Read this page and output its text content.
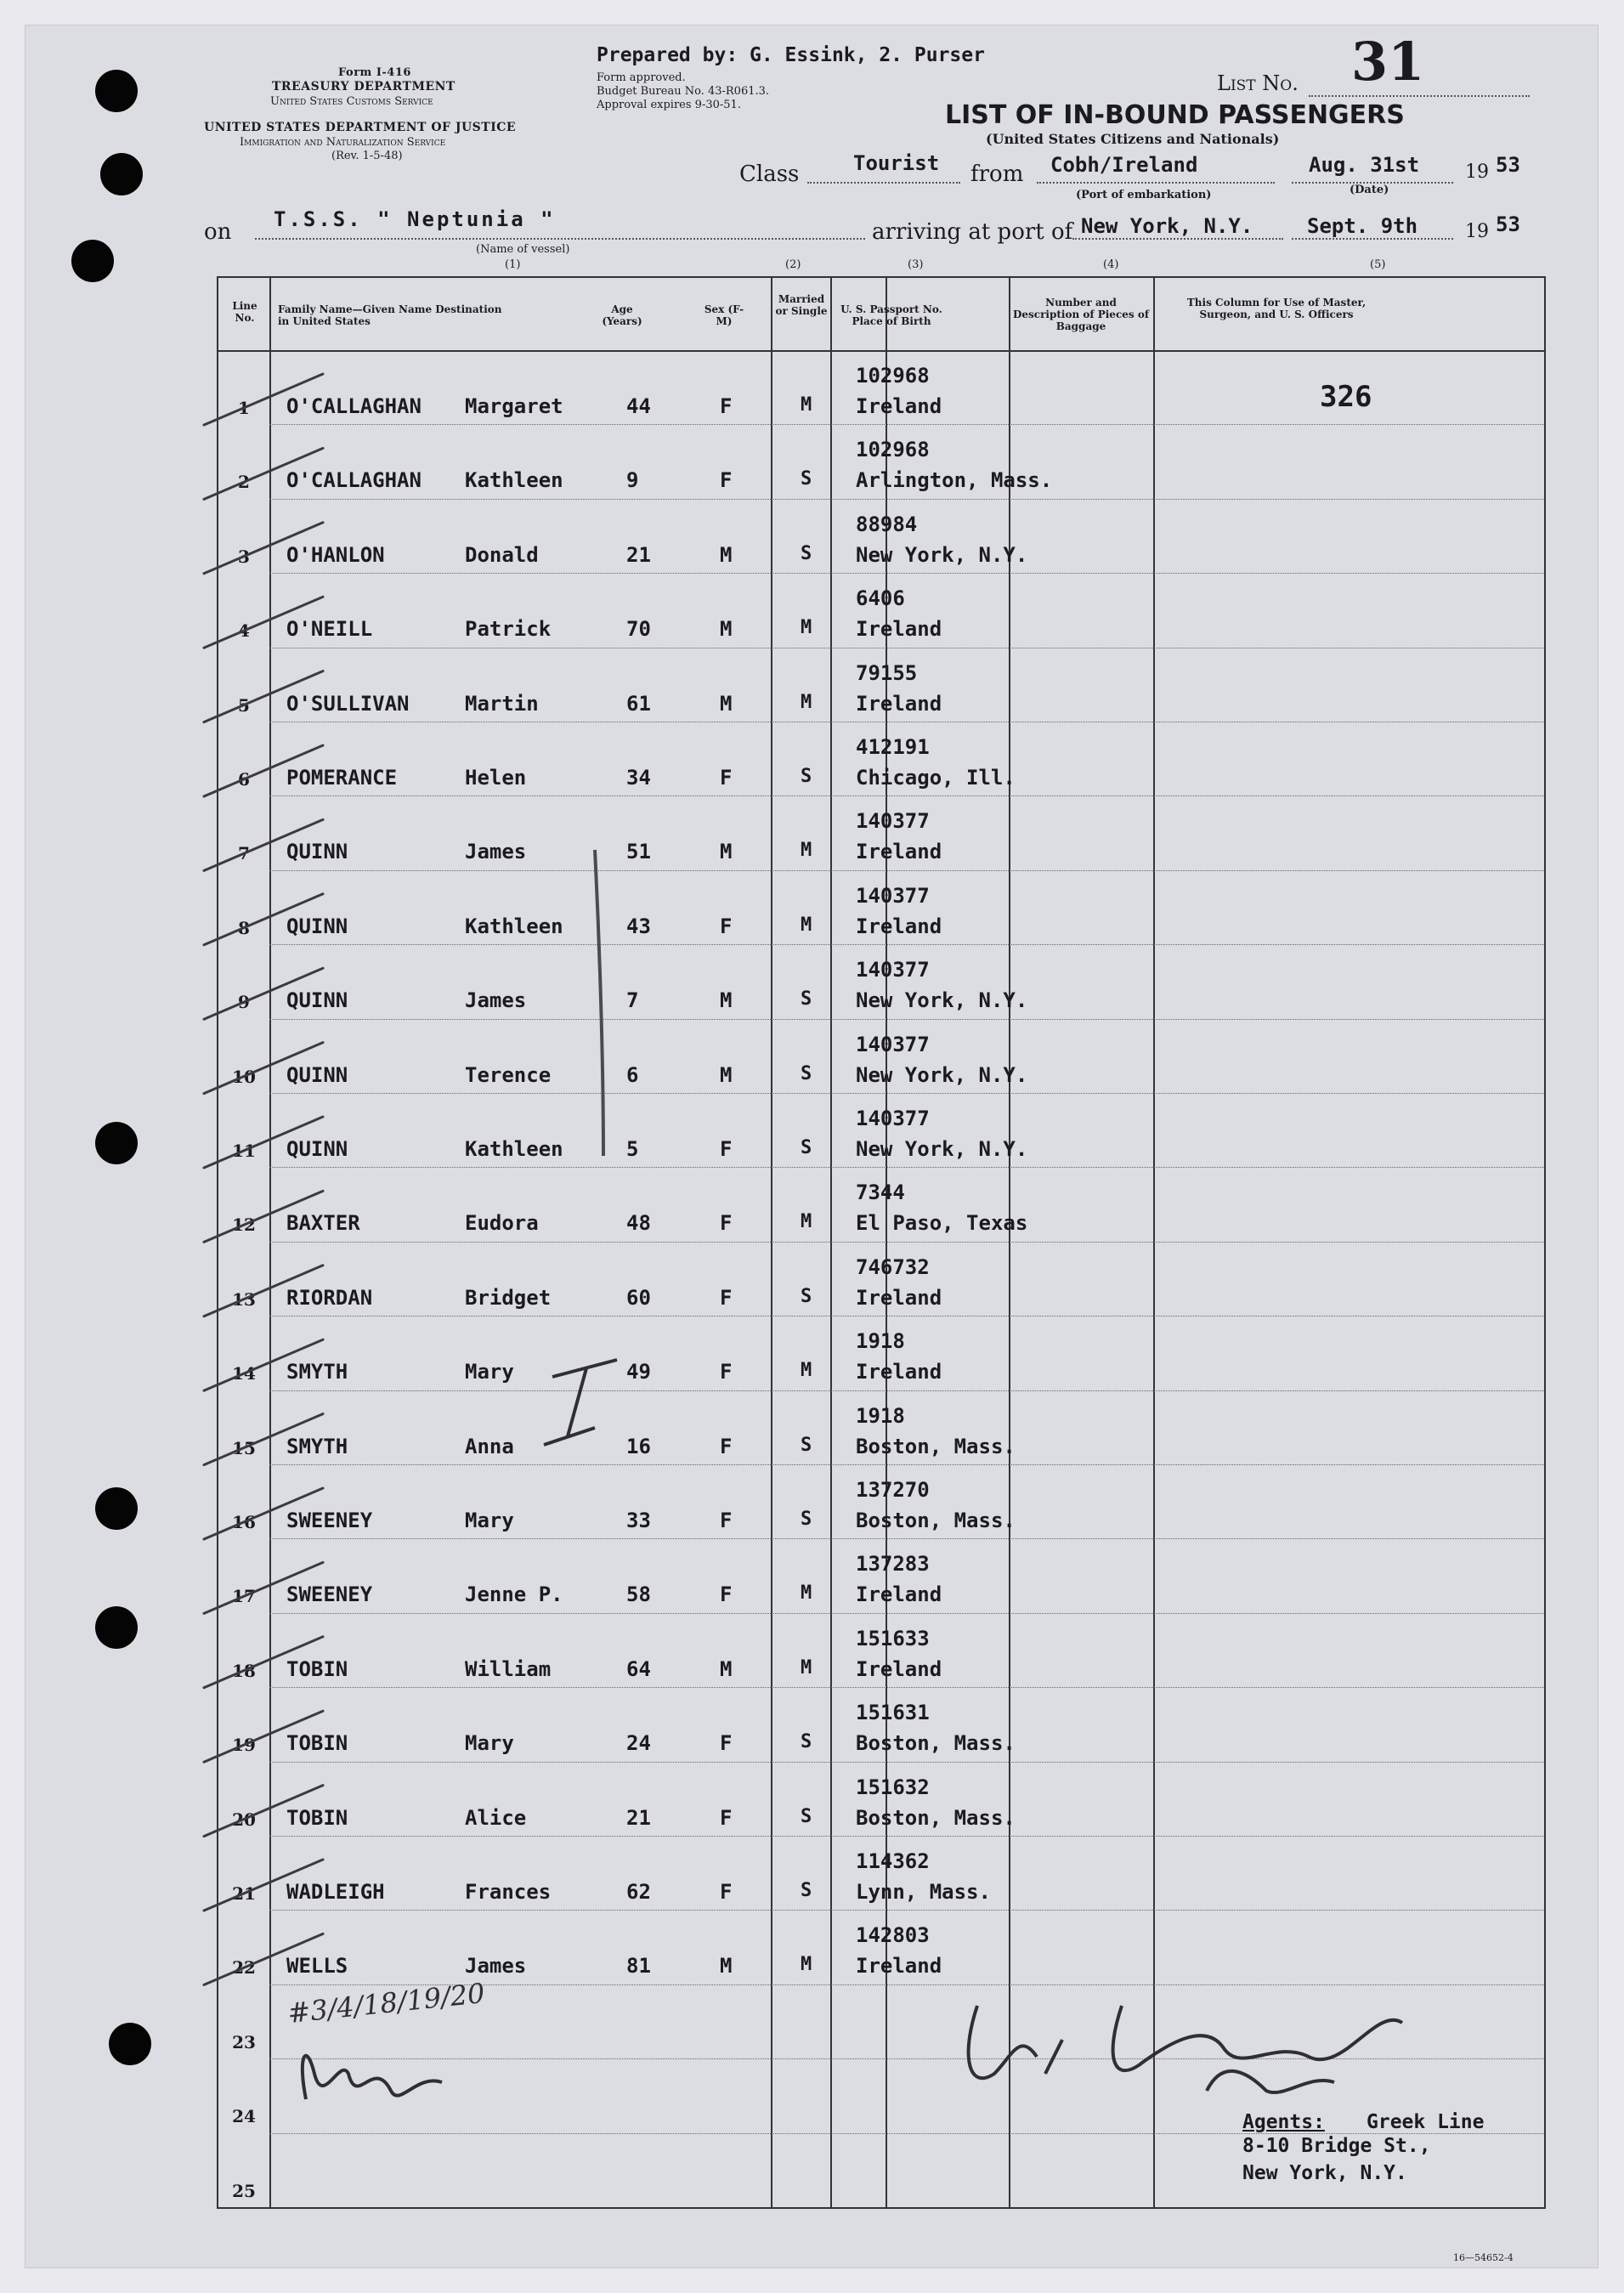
Form I-416
TREASURY DEPARTMENT
United States Customs Service
UNITED STATES DEPARTMENT OF JUSTICE
Immigration and Naturalization Service
(Rev. 1-5-48)
Prepared by: G. Essink, 2. Purser
Form approved.
Budget Bureau No. 43-R061.3.
Approval expires 9-30-51.
List No. 31
LIST OF IN-BOUND PASSENGERS
(United States Citizens and Nationals)
Class	Tourist from Cobh/Ireland
(Port of embarkation)
Aug. 31st
(Date)
19 53
on T.S.S. " Neptunia "
(Name of vessel)
arriving at port of New York, N.Y.	Sept. 9th	19 53
(1)	(2)	(3)	(4)	(5)
Line No.
Family Name—Given Name Destination in United States
Age (Years)
Sex (F-M)
Married or Single U. S. Passport No. Place of Birth
Number and Description of Pieces of Baggage
This Column for Use of Master, Surgeon, and U. S. Officers
326
1	O'CALLAGHAN Margaret	44	F	M
102968
Ireland
2	O'CALLAGHAN Kathleen	9	F	S
102968
Arlington, Mass.
3	O'HANLON	Donald	21	M	S
88984
New York, N.Y.
4	O'NEILL	Patrick	70	M	M
6406
Ireland
5	O'SULLIVAN	Martin	61	M	M
79155
Ireland
6	POMERANCE	Helen	34	F	S
412191
Chicago, Ill.
7	QUINN	James	51	M	M
140377
Ireland
8	QUINN	Kathleen	43	F	M
140377
Ireland
9	QUINN	James	7	M	S
140377
New York, N.Y.
10 QUINN	Terence	6	M	S
140377
New York, N.Y.
11 QUINN	Kathleen	5	F	S
140377
New York, N.Y.
12 BAXTER	Eudora	48	F	M
7344
El Paso, Texas
13 RIORDAN	Bridget	60	F	S
746732
Ireland
14 SMYTH	Mary	49	F	M
1918
Ireland
15 SMYTH	Anna	16	F	S
1918
Boston, Mass.
16 SWEENEY	Mary	33	F	S
137270
Boston, Mass.
17 SWEENEY	Jenne P.	58	F	M
137283
Ireland
18 TOBIN	William	64	M	M
151633
Ireland
19 TOBIN	Mary	24	F	S
151631
Boston, Mass.
20 TOBIN	Alice	21	F	S
151632
Boston, Mass.
21 WADLEIGH	Frances	62	F	S
114362
Lynn, Mass.
22 WELLS	James	81	M	M
142803
Ireland
23
24
25
#3/4/18/19/20
Agents: Greek Line
8-10 Bridge St.,
New York, N.Y.
16—54652-4
